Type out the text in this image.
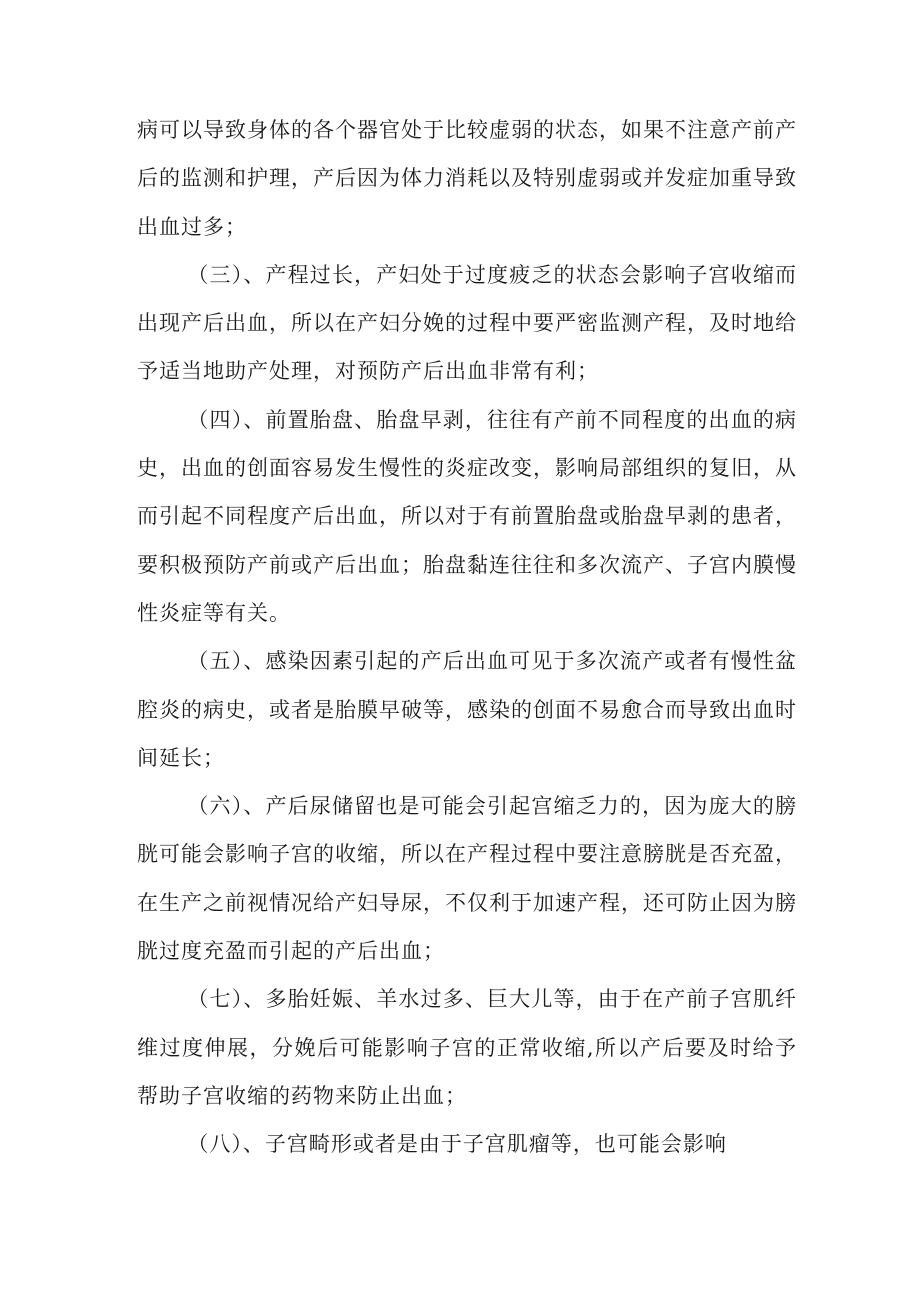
病可以导致身体的各个器官处于比较虚弱的状态，如果不注意产前产后的监测和护理，产后因为体力消耗以及特别虚弱或并发症加重导致出血过多；

（三）、产程过长，产妇处于过度疲乏的状态会影响子宫收缩而出现产后出血，所以在产妇分娩的过程中要严密监测产程，及时地给予适当地助产处理，对预防产后出血非常有利；

（四）、前置胎盘、胎盘早剥，往往有产前不同程度的出血的病史，出血的创面容易发生慢性的炎症改变，影响局部组织的复旧，从而引起不同程度产后出血，所以对于有前置胎盘或胎盘早剥的患者，要积极预防产前或产后出血；胎盘黏连往往和多次流产、子宫内膜慢性炎症等有关。

（五）、感染因素引起的产后出血可见于多次流产或者有慢性盆腔炎的病史，或者是胎膜早破等，感染的创面不易愈合而导致出血时间延长；

（六）、产后尿储留也是可能会引起宫缩乏力的，因为庞大的膀胱可能会影响子宫的收缩，所以在产程过程中要注意膀胱是否充盈，在生产之前视情况给产妇导尿，不仅利于加速产程，还可防止因为膀胱过度充盈而引起的产后出血；

（七）、多胎妊娠、羊水过多、巨大儿等，由于在产前子宫肌纤维过度伸展，分娩后可能影响子宫的正常收缩,所以产后要及时给予帮助子宫收缩的药物来防止出血；

（八）、子宫畸形或者是由于子宫肌瘤等，也可能会影响
